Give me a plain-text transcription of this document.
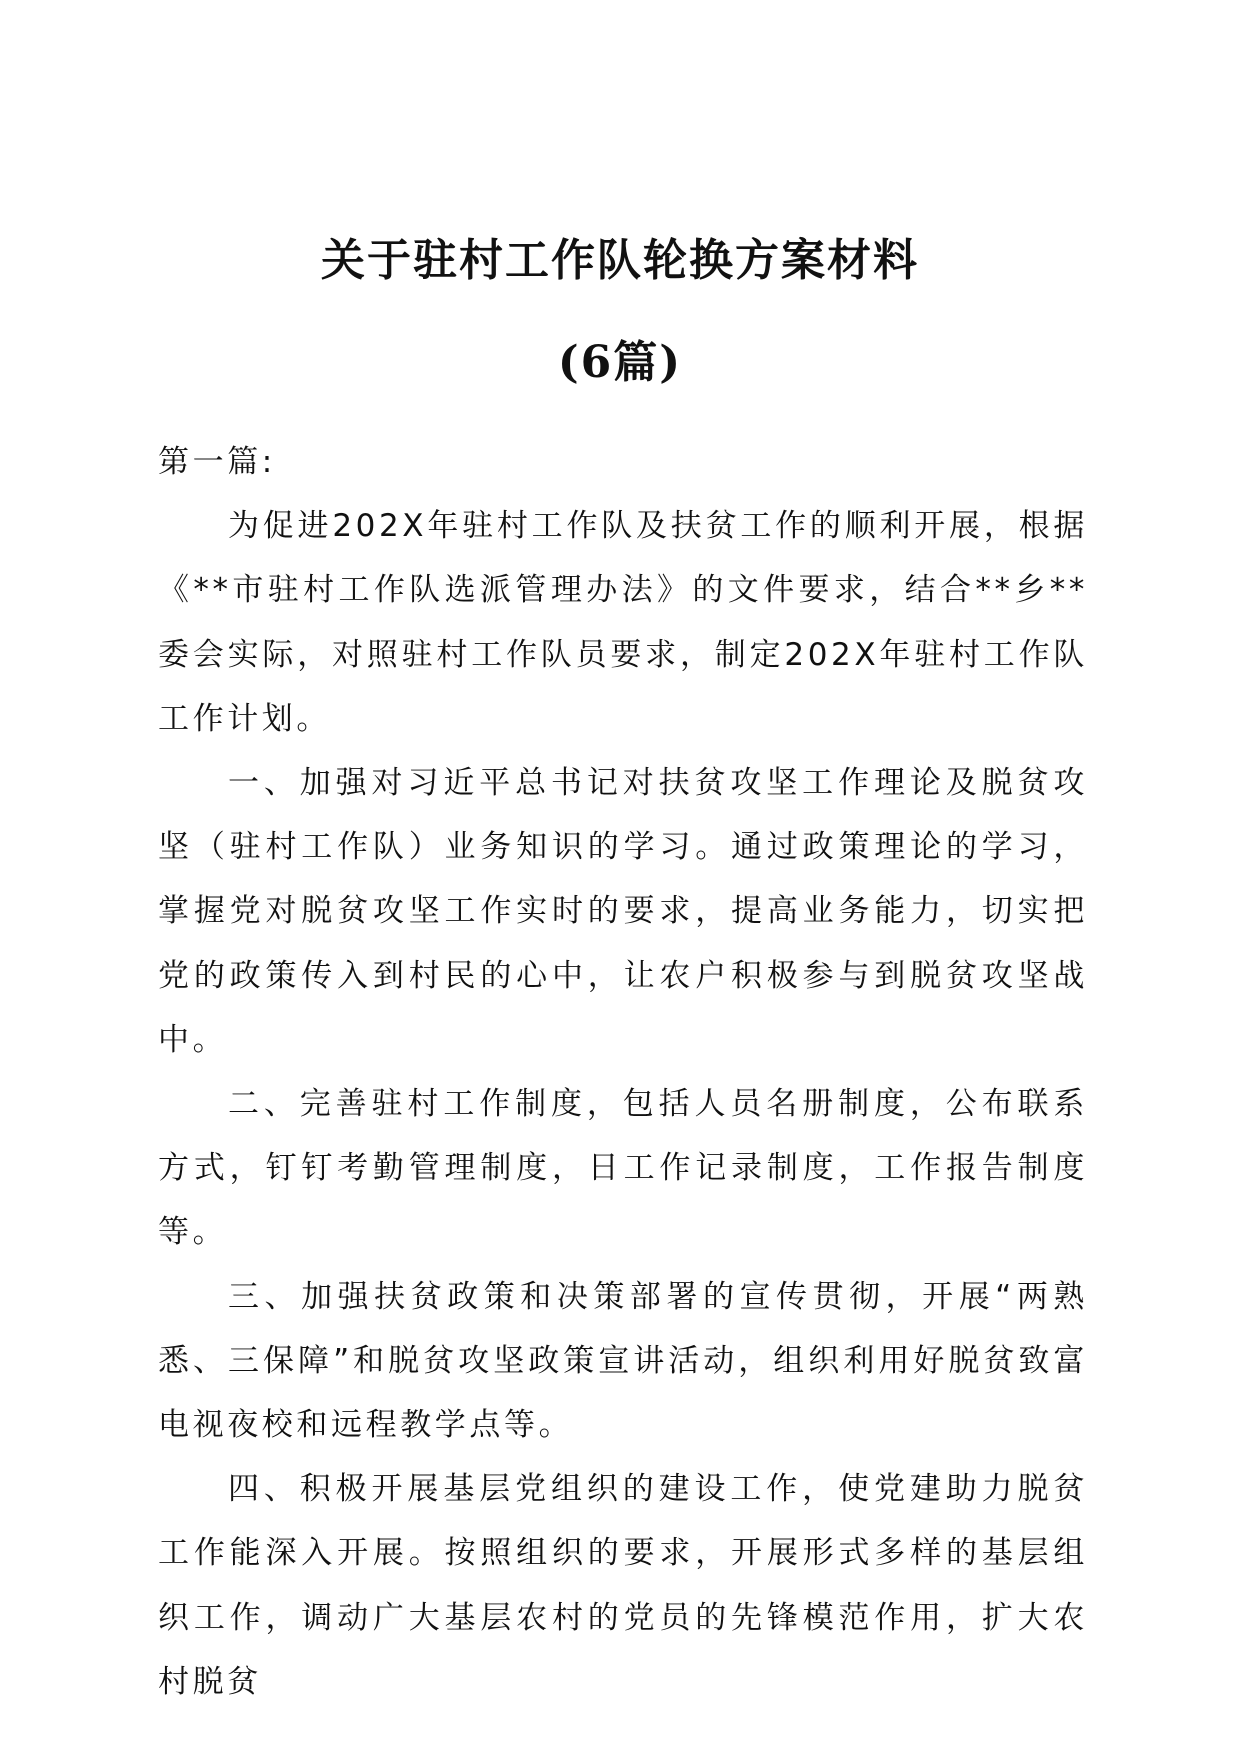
关于驻村工作队轮换方案材料
(6篇)

第一篇:

为促进202X年驻村工作队及扶贫工作的顺利开展，根据《**市驻村工作队选派管理办法》的文件要求，结合**乡**委会实际，对照驻村工作队员要求，制定202X年驻村工作队工作计划。

一、加强对习近平总书记对扶贫攻坚工作理论及脱贫攻坚（驻村工作队）业务知识的学习。通过政策理论的学习，掌握党对脱贫攻坚工作实时的要求，提高业务能力，切实把党的政策传入到村民的心中，让农户积极参与到脱贫攻坚战中。

二、完善驻村工作制度，包括人员名册制度，公布联系方式，钉钉考勤管理制度，日工作记录制度，工作报告制度等。

三、加强扶贫政策和决策部署的宣传贯彻，开展“两熟悉、三保障”和脱贫攻坚政策宣讲活动，组织利用好脱贫致富电视夜校和远程教学点等。

四、积极开展基层党组织的建设工作，使党建助力脱贫工作能深入开展。按照组织的要求，开展形式多样的基层组织工作，调动广大基层农村的党员的先锋模范作用，扩大农村脱贫
